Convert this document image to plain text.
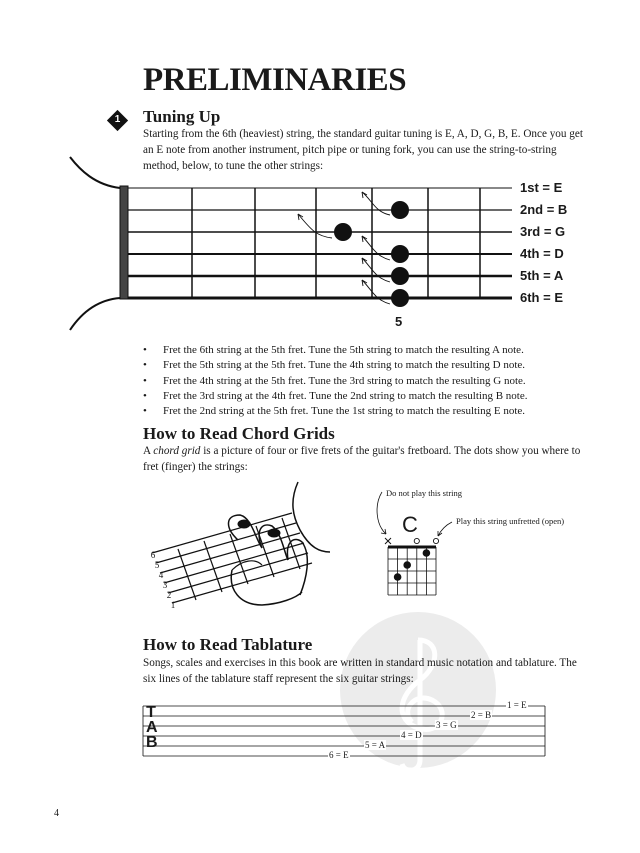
PRELIMINARIES
1 Tuning Up
Starting from the 6th (heaviest) string, the standard guitar tuning is E, A, D, G, B, E. Once you get an E note from another instrument, pitch pipe or tuning fork, you can use the string-to-string method, below, to tune the other strings:
1st = E
2nd = B
3rd = G
4th = D
5th = A
6th = E
5
• Fret the 6th string at the 5th fret. Tune the 5th string to match the resulting A note.
• Fret the 5th string at the 5th fret. Tune the 4th string to match the resulting D note.
• Fret the 4th string at the 5th fret. Tune the 3rd string to match the resulting G note.
• Fret the 3rd string at the 4th fret. Tune the 2nd string to match the resulting B note.
• Fret the 2nd string at the 5th fret. Tune the 1st string to match the resulting E note.
How to Read Chord Grids
A chord grid is a picture of four or five frets of the guitar's fretboard. The dots show you where to fret (finger) the strings:
6
5
4
3
2
1
C
Do not play this string
Play this string unfretted (open)
How to Read Tablature
Songs, scales and exercises in this book are written in standard music notation and tablature. The six lines of the tablature staff represent the six guitar strings:
T
A
B
1 = E
2 = B
3 = G
4 = D
5 = A
6 = E
4
